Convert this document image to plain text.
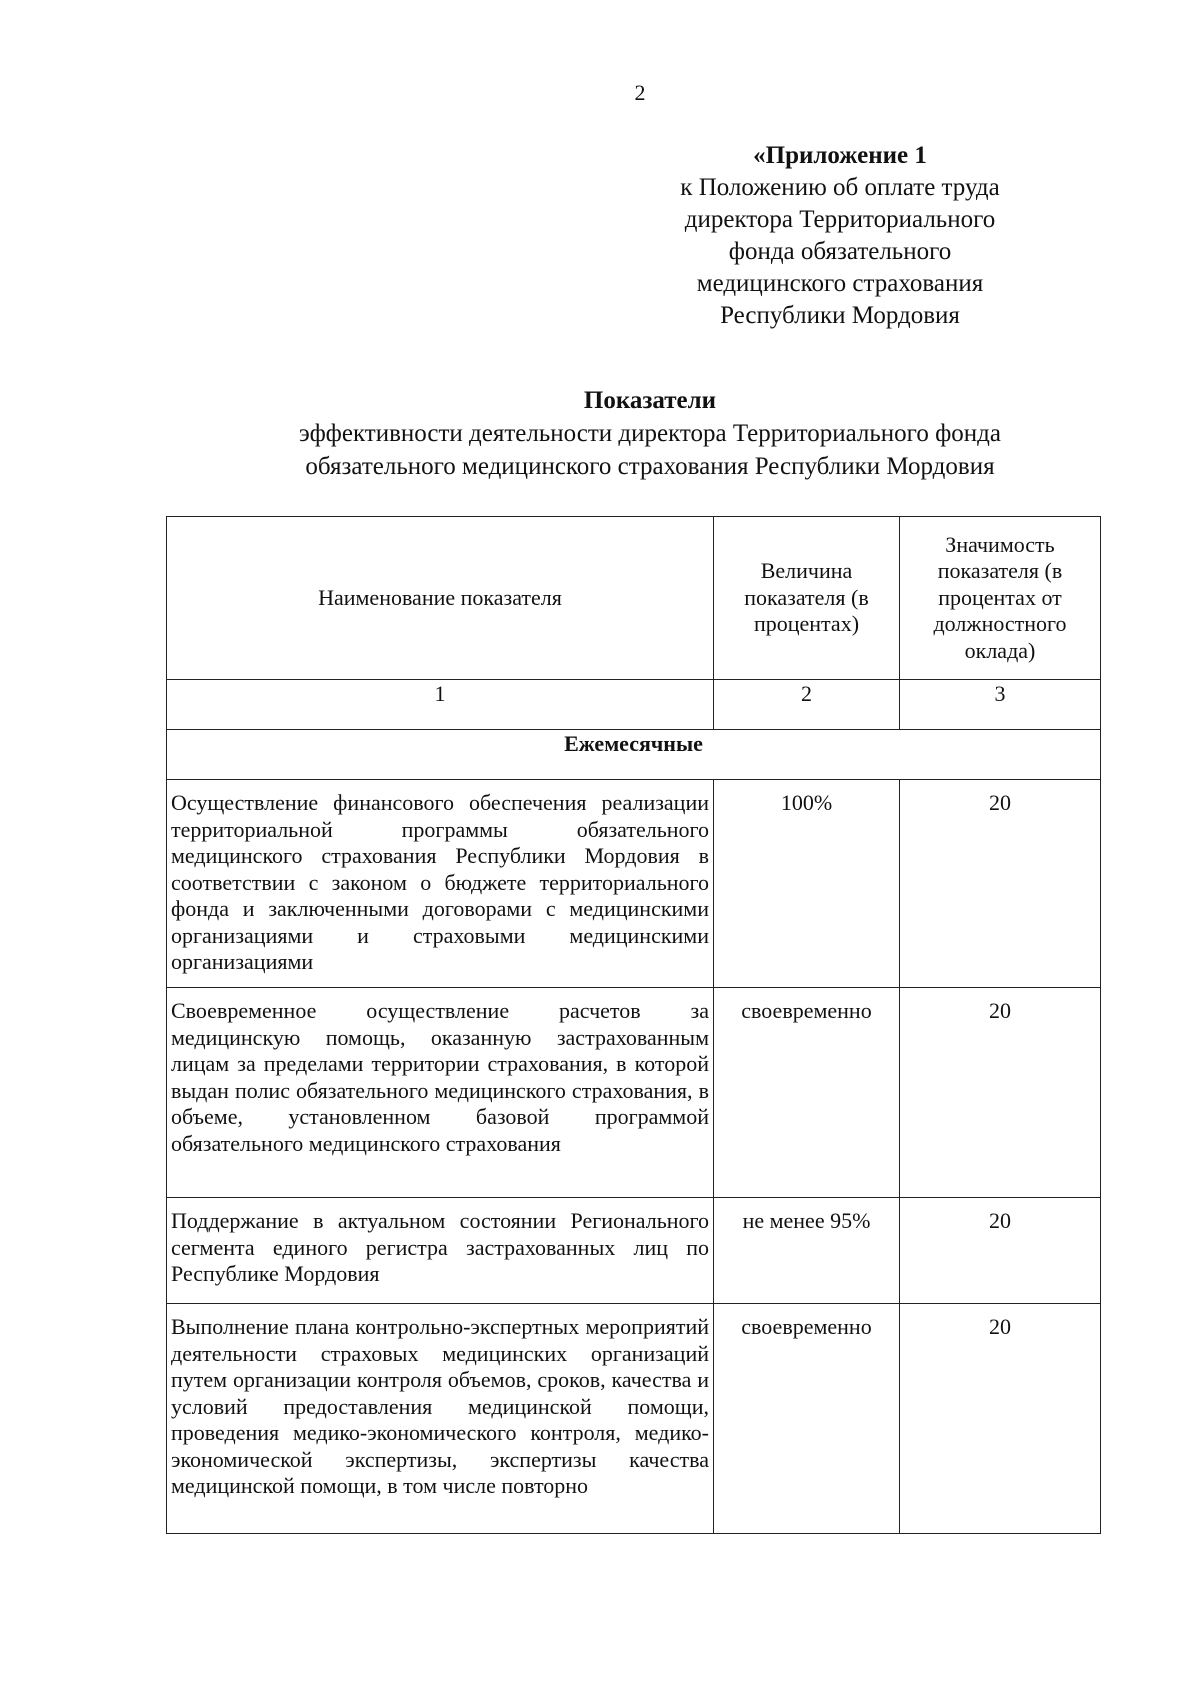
2
«Приложение 1
к Положению об оплате труда
директора Территориального
фонда обязательного
медицинского страхования
Республики Мордовия
Показатели
эффективности деятельности директора Территориального фонда
обязательного медицинского страхования Республики Мордовия
Наименование показателя	Величина показателя (в процентах)	Значимость показателя (в процентах от должностного оклада)
1	2	3
Ежемесячные		
Осуществление финансового обеспечения реализации территориальной программы обязательного медицинского страхования Республики Мордовия в соответствии с законом о бюджете территориального фонда и заключенными договорами с медицинскими организациями и страховыми медицинскими организациями	100%	20
Своевременное осуществление расчетов за медицинскую помощь, оказанную застрахованным лицам за пределами территории страхования, в которой выдан полис обязательного медицинского страхования, в объеме, установленном базовой программой обязательного медицинского страхования	своевременно	20
Поддержание в актуальном состоянии Регионального сегмента единого регистра застрахованных лиц по Республике Мордовия	не менее 95%	20
Выполнение плана контрольно-экспертных мероприятий деятельности страховых медицинских организаций путем организации контроля объемов, сроков, качества и условий предоставления медицинской помощи, проведения медико-экономического контроля, медико-экономической экспертизы, экспертизы качества медицинской помощи, в том числе повторно	своевременно	20
